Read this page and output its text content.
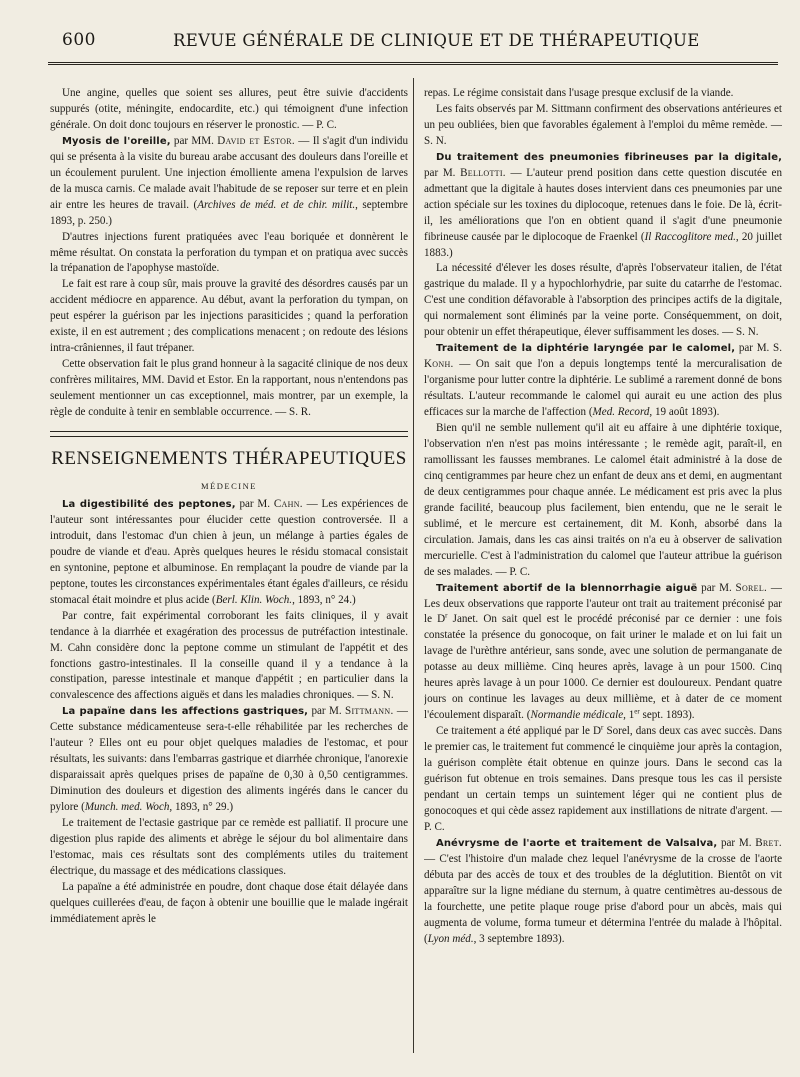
600	REVUE GÉNÉRALE DE CLINIQUE ET DE THÉRAPEUTIQUE

Une angine, quelles que soient ses allures, peut être suivie d'accidents suppurés (otite, méningite, endocardite, etc.) qui témoignent d'une infection générale. On doit donc toujours en réserver le pronostic. — P. C.

Myosis de l'oreille, par MM. David et Estor. — Il s'agit d'un individu qui se présenta à la visite du bureau arabe accusant des douleurs dans l'oreille et un écoulement purulent. Une injection émolliente amena l'expulsion de larves de la musca carnis. Ce malade avait l'habitude de se reposer sur terre et en plein air entre les heures de travail. (Archives de méd. et de chir. milit., septembre 1893, p. 250.)

D'autres injections furent pratiquées avec l'eau boriquée et donnèrent le même résultat. On constata la perforation du tympan et on pratiqua avec succès la trépanation de l'apophyse mastoïde.

Le fait est rare à coup sûr, mais prouve la gravité des désordres causés par un accident médiocre en apparence. Au début, avant la perforation du tympan, on peut espérer la guérison par les injections parasiticides ; quand la perforation existe, il en est autrement ; des complications menacent ; on redoute des lésions intra-crâniennes, il faut trépaner.

Cette observation fait le plus grand honneur à la sagacité clinique de nos deux confrères militaires, MM. David et Estor. En la rapportant, nous n'entendons pas seulement mentionner un cas exceptionnel, mais montrer, par un exemple, la règle de conduite à tenir en semblable occurrence. — S. R.

RENSEIGNEMENTS THÉRAPEUTIQUES
MÉDECINE

La digestibilité des peptones, par M. Cahn. — Les expériences de l'auteur sont intéressantes pour élucider cette question controversée. Il a introduit, dans l'estomac d'un chien à jeun, un mélange à parties égales de poudre de viande et d'eau. Après quelques heures le résidu stomacal consistait en syntonine, peptone et albuminose. En remplaçant la poudre de viande par la peptone, toutes les circonstances expérimentales étant égales d'ailleurs, ce résidu stomacal était moindre et plus acide (Berl. Klin. Woch., 1893, n° 24.)

Par contre, fait expérimental corroborant les faits cliniques, il y avait tendance à la diarrhée et exagération des processus de putréfaction intestinale. M. Cahn considère donc la peptone comme un stimulant de l'appétit et des fonctions gastro-intestinales. Il la conseille quand il y a tendance à la constipation, paresse intestinale et manque d'appétit ; en particulier dans la convalescence des affections aiguës et dans les maladies chroniques. — S. N.

La papaïne dans les affections gastriques, par M. Sittmann. — Cette substance médicamenteuse sera-t-elle réhabilitée par les recherches de l'auteur ? Elles ont eu pour objet quelques maladies de l'estomac, et pour résultats, les suivants: dans l'embarras gastrique et diarrhée chronique, l'anorexie disparaissait après quelques prises de papaïne de 0,30 à 0,50 centigrammes. Diminution des douleurs et digestion des aliments ingérés dans le cancer du pylore (Munch. med. Woch, 1893, n° 29.)

Le traitement de l'ectasie gastrique par ce remède est palliatif. Il procure une digestion plus rapide des aliments et abrège le séjour du bol alimentaire dans l'estomac, mais ces résultats sont des compléments utiles du traitement électrique, du massage et des médications classiques.

La papaïne a été administrée en poudre, dont chaque dose était délayée dans quelques cuillerées d'eau, de façon à obtenir une bouillie que le malade ingérait immédiatement après le

repas. Le régime consistait dans l'usage presque exclusif de la viande.

Les faits observés par M. Sittmann confirment des observations antérieures et un peu oubliées, bien que favorables également à l'emploi du même remède. — S. N.

Du traitement des pneumonies fibrineuses par la digitale, par M. Bellotti. — L'auteur prend position dans cette question discutée en admettant que la digitale à hautes doses intervient dans ces pneumonies par une action spéciale sur les toxines du diplocoque, retenues dans le foie. De là, écrit-il, les améliorations que l'on en obtient quand il s'agit d'une pneumonie fibrineuse causée par le diplocoque de Fraenkel (Il Raccoglitore med., 20 juillet 1883.)

La nécessité d'élever les doses résulte, d'après l'observateur italien, de l'état gastrique du malade. Il y a hypochlorhydrie, par suite du catarrhe de l'estomac. C'est une condition défavorable à l'absorption des principes actifs de la digitale, qui normalement sont éliminés par la veine porte. Conséquemment, on doit, pour obtenir un effet thérapeutique, élever suffisamment les doses. — S. N.

Traitement de la diphtérie laryngée par le calomel, par M. S. Konh. — On sait que l'on a depuis longtemps tenté la mercuralisation de l'organisme pour lutter contre la diphtérie. Le sublimé a rarement donné de bons résultats. L'auteur recommande le calomel qui aurait eu une action des plus efficaces sur la marche de l'affection (Med. Record, 19 août 1893).

Bien qu'il ne semble nullement qu'il ait eu affaire à une diphtérie toxique, l'observation n'en n'est pas moins intéressante ; le remède agit, paraît-il, en ramollissant les fausses membranes. Le calomel était administré à la dose de cinq centigrammes par heure chez un enfant de deux ans et demi, en augmentant de deux centigrammes pour chaque année. Le médicament est pris avec la plus grande facilité, beaucoup plus facilement, bien entendu, que ne le serait le sublimé, et le mercure est certainement, dit M. Konh, absorbé dans la circulation. Jamais, dans les cas ainsi traités on n'a eu à observer de salivation mercurielle. C'est à l'administration du calomel que l'auteur attribue la guérison de ses malades. — P. C.

Traitement abortif de la blennorrhagie aiguë par M. Sorel. — Les deux observations que rapporte l'auteur ont trait au traitement préconisé par le $D^r$ Janet. On sait quel est le procédé préconisé par ce dernier : une fois constatée la présence du gonocoque, on fait uriner le malade et on lui fait un lavage de l'urèthre antérieur, sans sonde, avec une solution de permanganate de potasse au deux millième. Cinq heures après, lavage à un pour 1500. Cinq heures après lavage à un pour 1000. Ce dernier est douloureux. Pendant quatre jours on continue les lavages au deux millième, et à dater de ce moment l'écoulement disparaît. (Normandie médicale, 1er sept. 1893).

Ce traitement a été appliqué par le $D^r$ Sorel, dans deux cas avec succès. Dans le premier cas, le traitement fut commencé le cinquième jour après la contagion, la guérison complète était obtenue en quinze jours. Dans le second cas la guérison fut obtenue en trois semaines. Dans presque tous les cas il persiste pendant un certain temps un suintement léger qui ne contient plus de gonocoques et qui cède assez rapidement aux instillations de nitrate d'argent. — P. C.

Anévrysme de l'aorte et traitement de Valsalva, par M. Bret. — C'est l'histoire d'un malade chez lequel l'anévrysme de la crosse de l'aorte débuta par des accès de toux et des troubles de la déglutition. Bientôt on vit apparaître sur la ligne médiane du sternum, à quatre centimètres au-dessous de la fourchette, une petite plaque rouge prise d'abord pour un abcès, mais qui augmenta de volume, forma tumeur et détermina l'entrée du malade à l'hôpital. (Lyon méd., 3 septembre 1893).
